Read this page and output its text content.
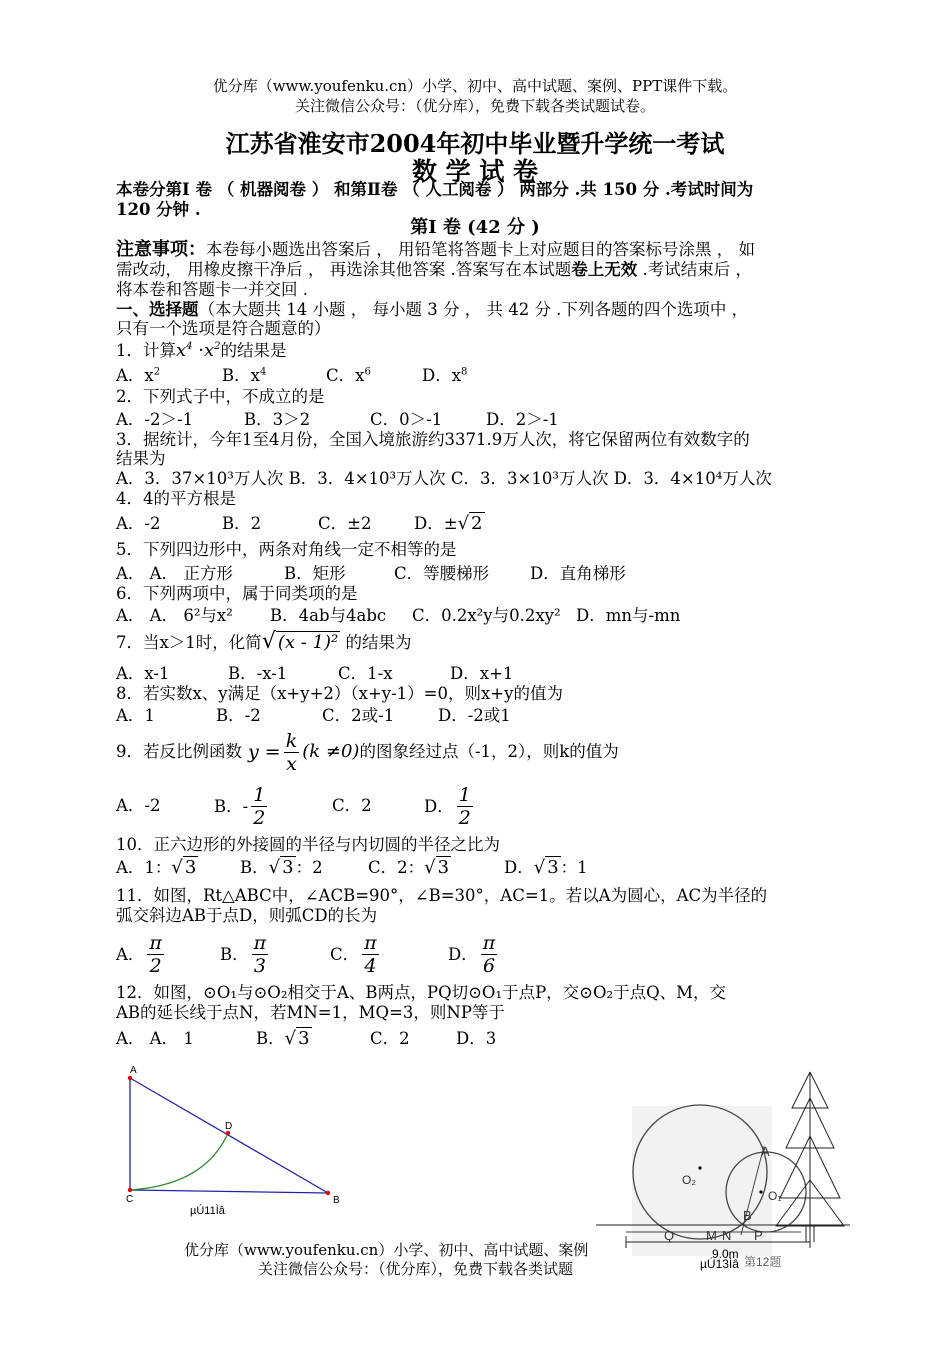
优分库（www.youfenku.cn）小学、初中、高中试题、案例、PPT课件下载。
关注微信公众号：（优分库），免费下载各类试题试卷。
江苏省淮安市2004年初中毕业暨升学统一考试
数 学 试 卷
本卷分第Ⅰ 卷 （ 机器阅卷 ） 和第Ⅱ卷 （ 人工阅卷 ） 两部分 .共 150 分 .考试时间为
120 分钟 .
第Ⅰ 卷 (42 分 )
注意事项：本卷每小题选出答案后 ， 用铅笔将答题卡上对应题目的答案标号涂黑 ， 如
需改动， 用橡皮擦干净后 ， 再选涂其他答案 .答案写在本试题卷上无效 .考试结束后 ，
将本卷和答题卡一并交回 .
一、选择题（本大题共 14 小题 ， 每小题 3 分 ， 共 42 分 .下列各题的四个选项中 ，
只有一个选项是符合题意的）
1．计算$x^4 \cdot x^2$的结果是
A．$x^2$	B．$x^4$	C．$x^6$	D．$x^8$
2．下列式子中，不成立的是
A．-2＞-1	B．3＞2	C．0＞-1	D．2＞-1
3．据统计，今年1至4月份，全国入境旅游约3371.9万人次，将它保留两位有效数字的
结果为
A．3．37×10³万人次 B．3．4×10³万人次 C．3．3×10³万人次 D．3．4×10⁴万人次
4．4的平方根是
A．-2	B．2	C．±2	D．±√ 2
5．下列四边形中，两条对角线一定不相等的是
A． A． 正方形	B．矩形	C．等腰梯形 D．直角梯形
6．下列两项中，属于同类项的是
A． A． 6²与x² B．4ab与4abc C．0.2x²y与0.2xy² D．mn与-mn
7．当x＞1时，化简√ (x - 1)² 的结果为
A．x-1	B．-x-1	C．1-x	D．x+1
8．若实数x、y满足（x+y+2）（x+y-1）=0，则x+y的值为
A．1	B．-2	C．2或-1	D．-2或1
9．若反比例函数 $y = \frac{k}{x} (k \ne 0)$ 的图象经过点（-1，2），则k的值为
A．-2	B．- $\frac{1}{2}$	C．2	D． $\frac{1}{2}$
10．正六边形的外接圆的半径与内切圆的半径之比为
A．1：√ 3	B．√ 3 ：2	C．2：√ 3	D．√ 3 ：1
11．如图，Rt△ABC中，∠ACB=90°，∠B=30°，AC=1。若以A为圆心，AC为半径的
弧交斜边AB于点D，则弧CD的长为
A． $\frac{\pi}{2}$	B． $\frac{\pi}{3}$	C． $\frac{\pi}{4}$	D． $\frac{\pi}{6}$
12．如图，⊙O₁与⊙O₂相交于A、B两点，PQ切⊙O₁于点P，交⊙O₂于点Q、M，交
AB的延长线于点N，若MN=1，MQ=3，则NP等于
A． A． 1	B．√ 3	C．2	D．3
A
C	B
D
µÚ11Ìâ
A
B
O₁
O₂
Q M N P
9.0m
µÚ13Ìâ 第12题
优分库（www.youfenku.cn）小学、初中、高中试题、案例
关注微信公众号：（优分库），免费下载各类试题
